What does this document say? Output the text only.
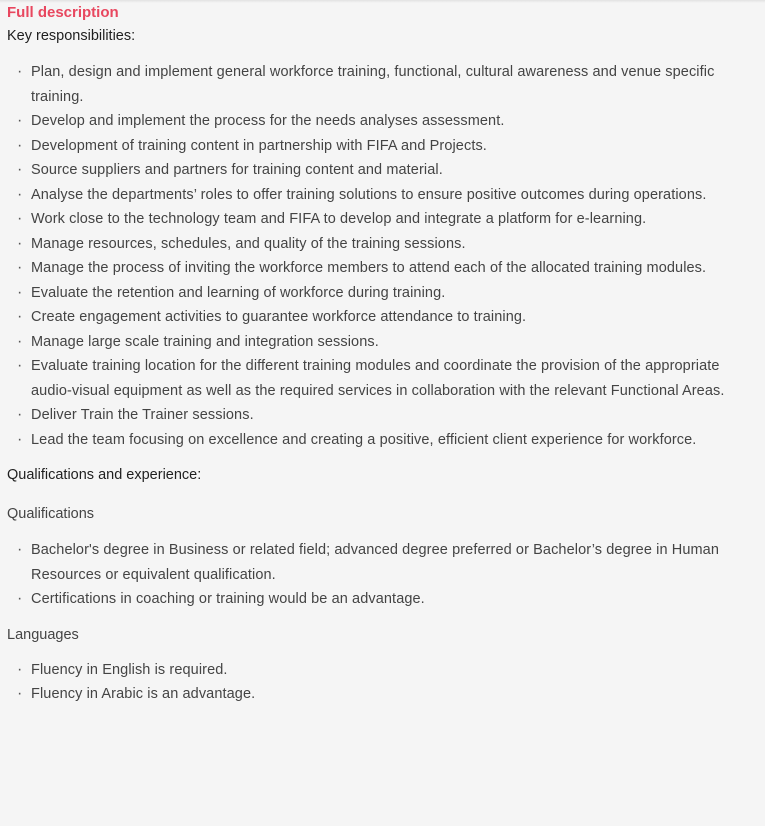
Full description

Key responsibilities:

· Plan, design and implement general workforce training, functional, cultural awareness and venue specific training.
· Develop and implement the process for the needs analyses assessment.
· Development of training content in partnership with FIFA and Projects.
· Source suppliers and partners for training content and material.
· Analyse the departments’ roles to offer training solutions to ensure positive outcomes during operations.
· Work close to the technology team and FIFA to develop and integrate a platform for e-learning.
· Manage resources, schedules, and quality of the training sessions.
· Manage the process of inviting the workforce members to attend each of the allocated training modules.
· Evaluate the retention and learning of workforce during training.
· Create engagement activities to guarantee workforce attendance to training.
· Manage large scale training and integration sessions.
· Evaluate training location for the different training modules and coordinate the provision of the appropriate audio-visual equipment as well as the required services in collaboration with the relevant Functional Areas.
· Deliver Train the Trainer sessions.
· Lead the team focusing on excellence and creating a positive, efficient client experience for workforce.

Qualifications and experience:

Qualifications

· Bachelor's degree in Business or related field; advanced degree preferred or Bachelor’s degree in Human Resources or equivalent qualification.
· Certifications in coaching or training would be an advantage.

Languages

· Fluency in English is required.
· Fluency in Arabic is an advantage.
